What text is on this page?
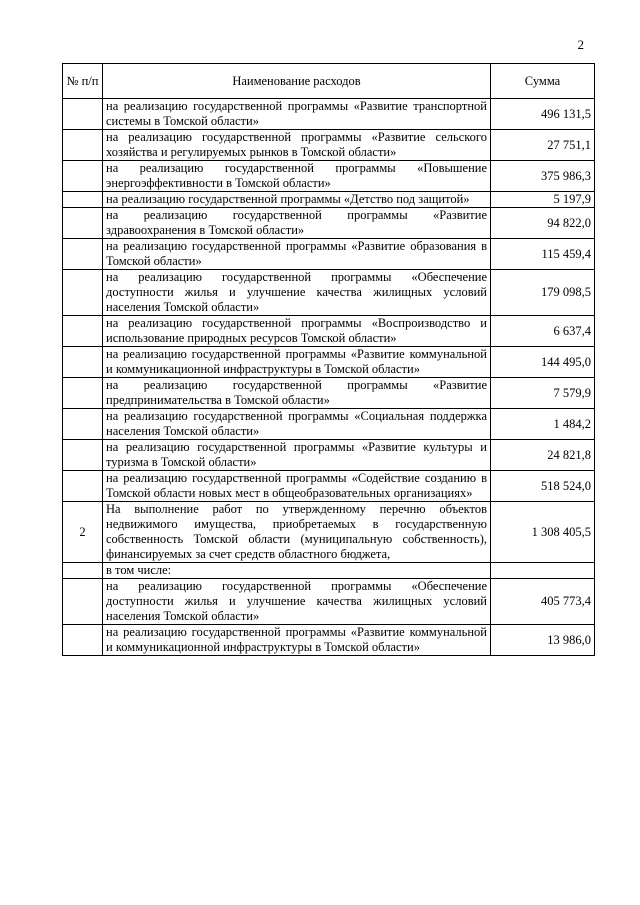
2
№ п/п	Наименование расходов	Сумма
	на реализацию государственной программы «Развитие транспортной системы в Томской области»	496 131,5
	на реализацию государственной программы «Развитие сельского хозяйства и регулируемых рынков в Томской области»	27 751,1
	на реализацию государственной программы «Повышение энергоэффективности в Томской области»	375 986,3
	на реализацию государственной программы «Детство под защитой»	5 197,9
	на реализацию государственной программы «Развитие здравоохранения в Томской области»	94 822,0
	на реализацию государственной программы «Развитие образования в Томской области»	115 459,4
	на реализацию государственной программы «Обеспечение доступности жилья и улучшение качества жилищных условий населения Томской области»	179 098,5
	на реализацию государственной программы «Воспроизводство и использование природных ресурсов Томской области»	6 637,4
	на реализацию государственной программы «Развитие коммунальной и коммуникационной инфраструктуры в Томской области»	144 495,0
	на реализацию государственной программы «Развитие предпринимательства в Томской области»	7 579,9
	на реализацию государственной программы «Социальная поддержка населения Томской области»	1 484,2
	на реализацию государственной программы «Развитие культуры и туризма в Томской области»	24 821,8
	на реализацию государственной программы «Содействие созданию в Томской области новых мест в общеобразовательных организациях»	518 524,0
2	На выполнение работ по утвержденному перечню объектов недвижимого имущества, приобретаемых в государственную собственность Томской области (муниципальную собственность), финансируемых за счет средств областного бюджета,	1 308 405,5
	в том числе:	
	на реализацию государственной программы «Обеспечение доступности жилья и улучшение качества жилищных условий населения Томской области»	405 773,4
	на реализацию государственной программы «Развитие коммунальной и коммуникационной инфраструктуры в Томской области»	13 986,0
